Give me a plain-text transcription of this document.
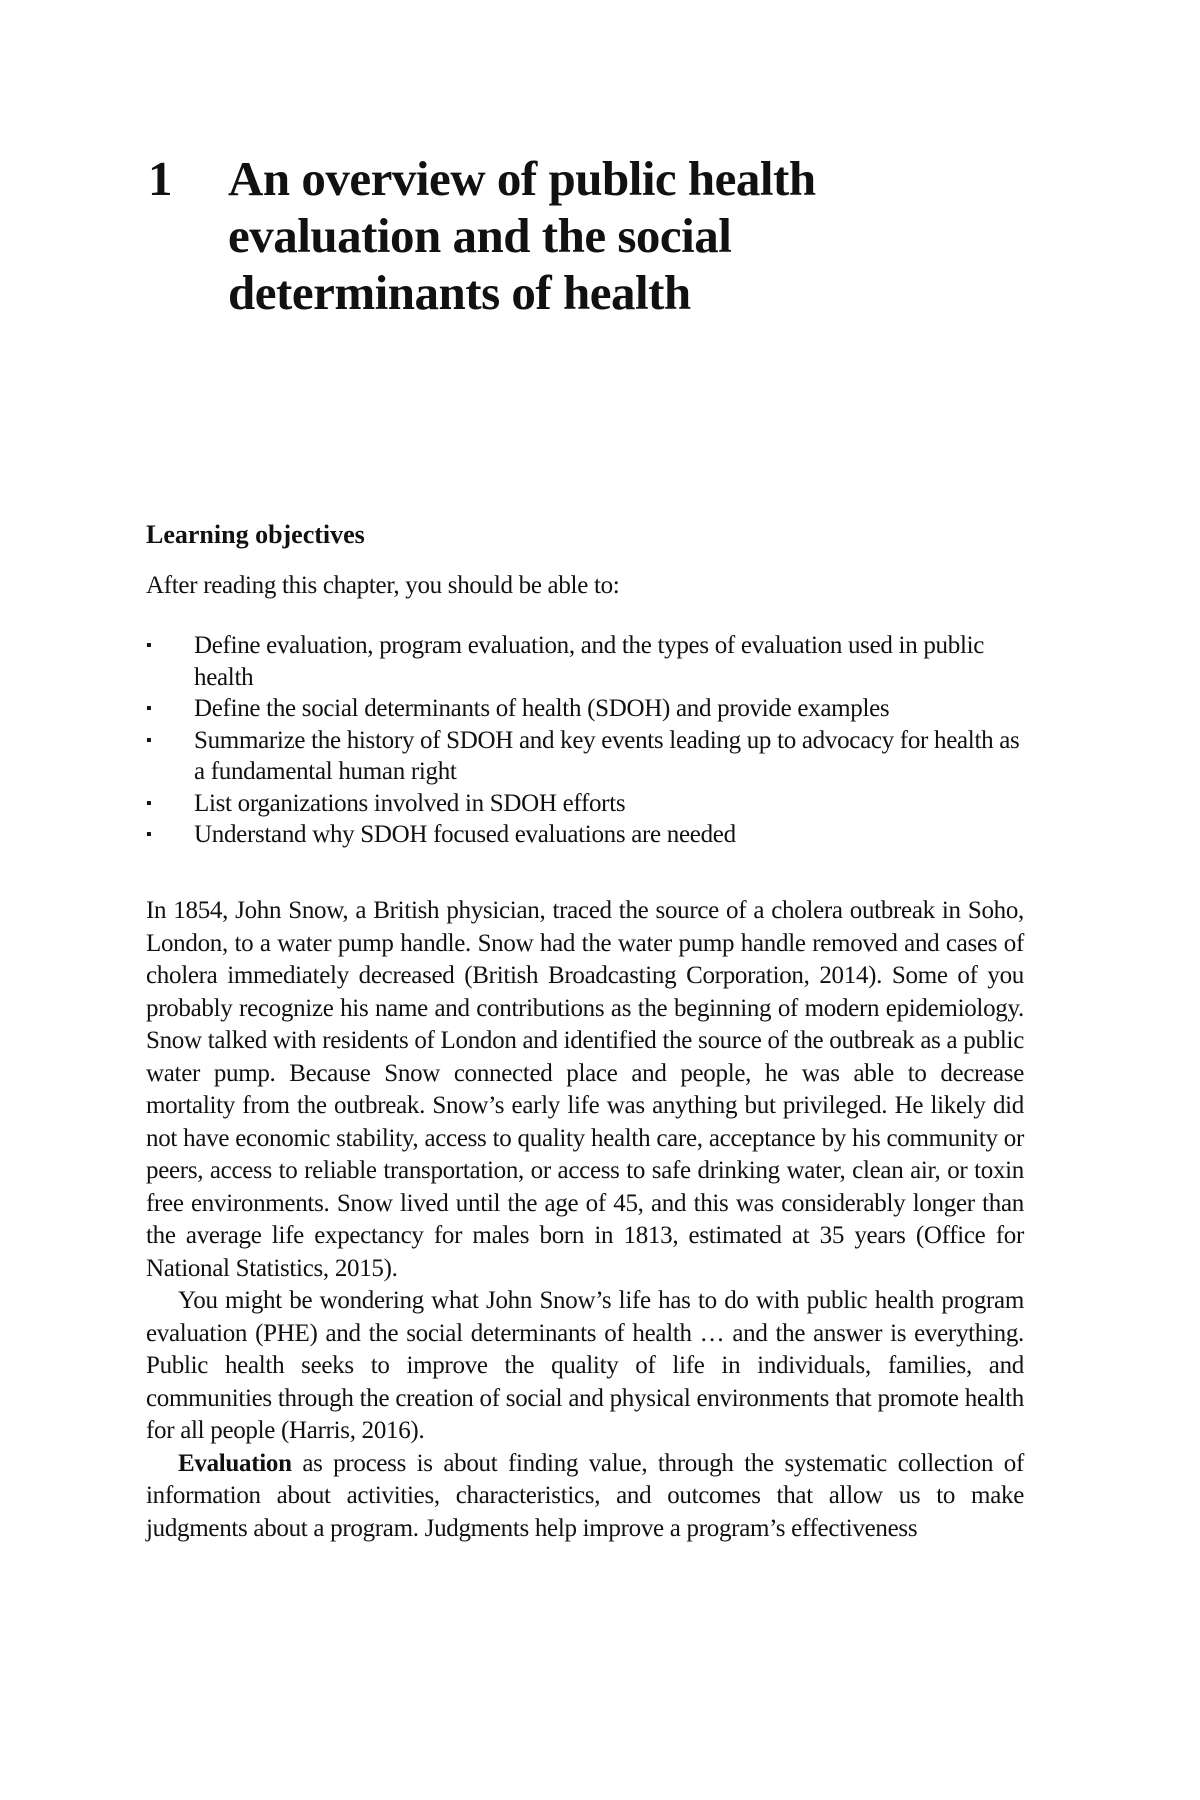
1 An overview of public health evaluation and the social determinants of health
Learning objectives
After reading this chapter, you should be able to:
▪ Define evaluation, program evaluation, and the types of evaluation used in public health
▪ Define the social determinants of health (SDOH) and provide examples
▪ Summarize the history of SDOH and key events leading up to advocacy for health as a fundamental human right
▪ List organizations involved in SDOH efforts
▪ Understand why SDOH focused evaluations are needed

In 1854, John Snow, a British physician, traced the source of a cholera outbreak in Soho, London, to a water pump handle. Snow had the water pump handle removed and cases of cholera immediately decreased (British Broadcasting Corporation, 2014). Some of you probably recognize his name and contributions as the beginning of modern epidemiology. Snow talked with residents of London and identified the source of the outbreak as a public water pump. Because Snow connected place and people, he was able to decrease mortality from the outbreak. Snow’s early life was anything but privileged. He likely did not have economic stability, access to quality health care, acceptance by his community or peers, access to reliable transportation, or access to safe drinking water, clean air, or toxin free environments. Snow lived until the age of 45, and this was considerably longer than the average life expectancy for males born in 1813, estimated at 35 years (Office for National Statistics, 2015).

You might be wondering what John Snow’s life has to do with public health program evaluation (PHE) and the social determinants of health … and the answer is everything. Public health seeks to improve the quality of life in individuals, families, and communities through the creation of social and physical environments that promote health for all people (Harris, 2016).

Evaluation as process is about finding value, through the systematic collection of information about activities, characteristics, and outcomes that allow us to make judgments about a program. Judgments help improve a program’s effectiveness
